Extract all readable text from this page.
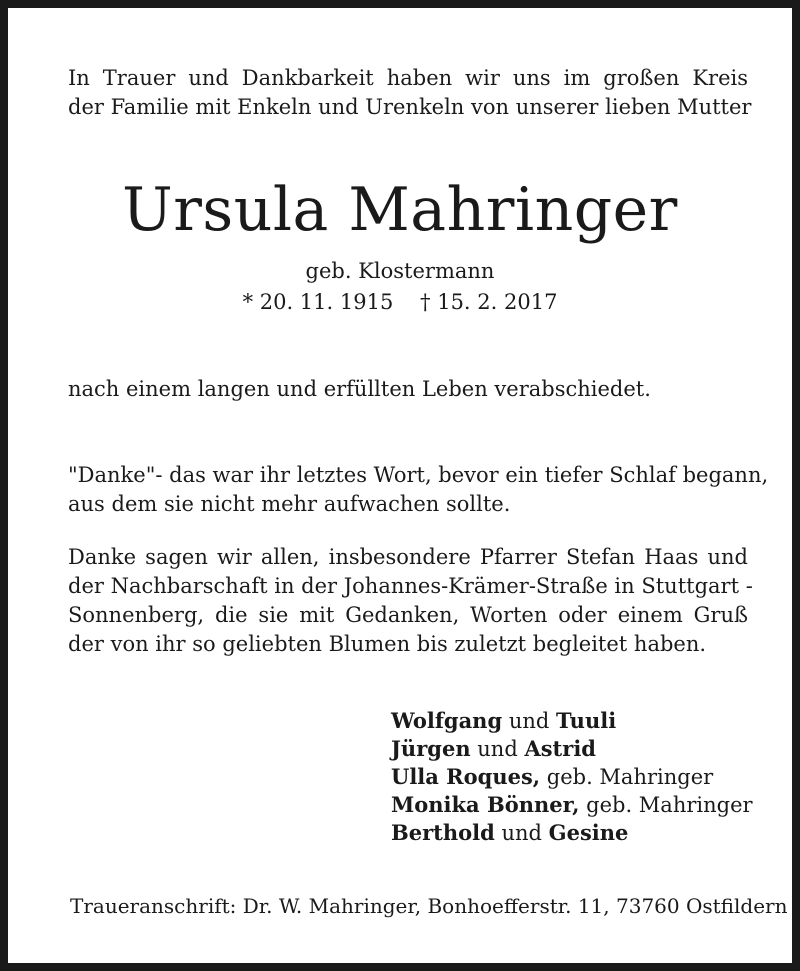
In Trauer und Dankbarkeit haben wir uns im großen Kreis
der Familie mit Enkeln und Urenkeln von unserer lieben Mutter

Ursula Mahringer
geb. Klostermann
* 20. 11. 1915 † 15. 2. 2017
nach einem langen und erfüllten Leben verabschiedet.

"Danke"- das war ihr letztes Wort, bevor ein tiefer Schlaf begann,
aus dem sie nicht mehr aufwachen sollte.

Danke sagen wir allen, insbesondere Pfarrer Stefan Haas und
der Nachbarschaft in der Johannes-Krämer-Straße in Stuttgart -
Sonnenberg, die sie mit Gedanken, Worten oder einem Gruß
der von ihr so geliebten Blumen bis zuletzt begleitet haben.

Wolfgang und Tuuli
Jürgen und Astrid
Ulla Roques, geb. Mahringer
Monika Bönner, geb. Mahringer
Berthold und Gesine
Traueranschrift: Dr. W. Mahringer, Bonhoefferstr. 11, 73760 Ostfildern
